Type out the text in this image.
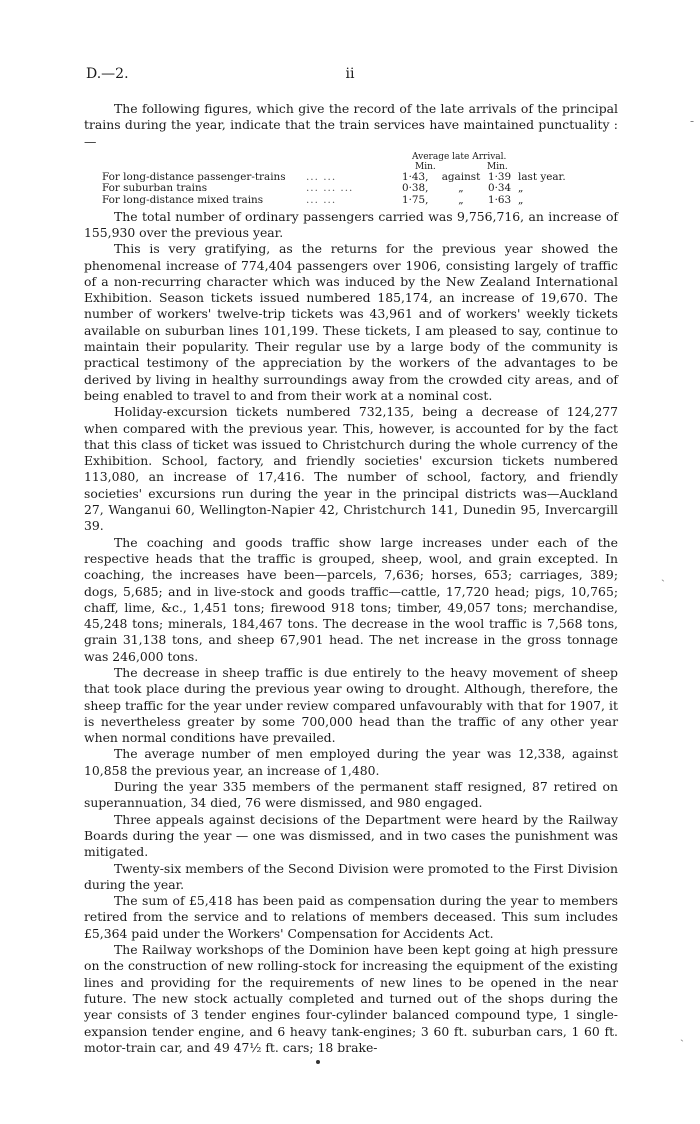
D.—2.	ii

The following figures, which give the record of the late arrivals of the principal trains during the year, indicate that the train services have maintained punctuality :—

Average late Arrival.
Min.	Min.
For long-distance passenger-trains	... ...	1·43,	against 1·39 last year.
For suburban trains	... ... ...	0·38,	„	0·34 „
For long-distance mixed trains	... ...	1·75,	„	1·63 „

The total number of ordinary passengers carried was 9,756,716, an increase of 155,930 over the previous year.

This is very gratifying, as the returns for the previous year showed the phenomenal increase of 774,404 passengers over 1906, consisting largely of traffic of a non-recurring character which was induced by the New Zealand International Exhibition. Season tickets issued numbered 185,174, an increase of 19,670. The number of workers' twelve-trip tickets was 43,961 and of workers' weekly tickets available on suburban lines 101,199. These tickets, I am pleased to say, continue to maintain their popularity. Their regular use by a large body of the community is practical testimony of the appreciation by the workers of the advantages to be derived by living in healthy surroundings away from the crowded city areas, and of being enabled to travel to and from their work at a nominal cost.

Holiday-excursion tickets numbered 732,135, being a decrease of 124,277 when compared with the previous year. This, however, is accounted for by the fact that this class of ticket was issued to Christchurch during the whole currency of the Exhibition. School, factory, and friendly societies' excursion tickets numbered 113,080, an increase of 17,416. The number of school, factory, and friendly societies' excursions run during the year in the principal districts was—Auckland 27, Wanganui 60, Wellington-Napier 42, Christchurch 141, Dunedin 95, Invercargill 39.

The coaching and goods traffic show large increases under each of the respective heads that the traffic is grouped, sheep, wool, and grain excepted. In coaching, the increases have been—parcels, 7,636; horses, 653; carriages, 389; dogs, 5,685; and in live-stock and goods traffic—cattle, 17,720 head; pigs, 10,765; chaff, lime, &c., 1,451 tons; firewood 918 tons; timber, 49,057 tons; merchandise, 45,248 tons; minerals, 184,467 tons. The decrease in the wool traffic is 7,568 tons, grain 31,138 tons, and sheep 67,901 head. The net increase in the gross tonnage was 246,000 tons.

The decrease in sheep traffic is due entirely to the heavy movement of sheep that took place during the previous year owing to drought. Although, therefore, the sheep traffic for the year under review compared unfavourably with that for 1907, it is nevertheless greater by some 700,000 head than the traffic of any other year when normal conditions have prevailed.

The average number of men employed during the year was 12,338, against 10,858 the previous year, an increase of 1,480.

During the year 335 members of the permanent staff resigned, 87 retired on superannuation, 34 died, 76 were dismissed, and 980 engaged.

Three appeals against decisions of the Department were heard by the Railway Boards during the year — one was dismissed, and in two cases the punishment was mitigated.

Twenty-six members of the Second Division were promoted to the First Division during the year.

The sum of £5,418 has been paid as compensation during the year to members retired from the service and to relations of members deceased. This sum includes £5,364 paid under the Workers' Compensation for Accidents Act.

The Railway workshops of the Dominion have been kept going at high pressure on the construction of new rolling-stock for increasing the equipment of the existing lines and providing for the requirements of new lines to be opened in the near future. The new stock actually completed and turned out of the shops during the year consists of 3 tender engines four-cylinder balanced compound type, 1 single-expansion tender engine, and 6 heavy tank-engines; 3 60 ft. suburban cars, 1 60 ft. motor-train car, and 49 47½ ft. cars; 18 brake-

‐
ˎ
ˏ
